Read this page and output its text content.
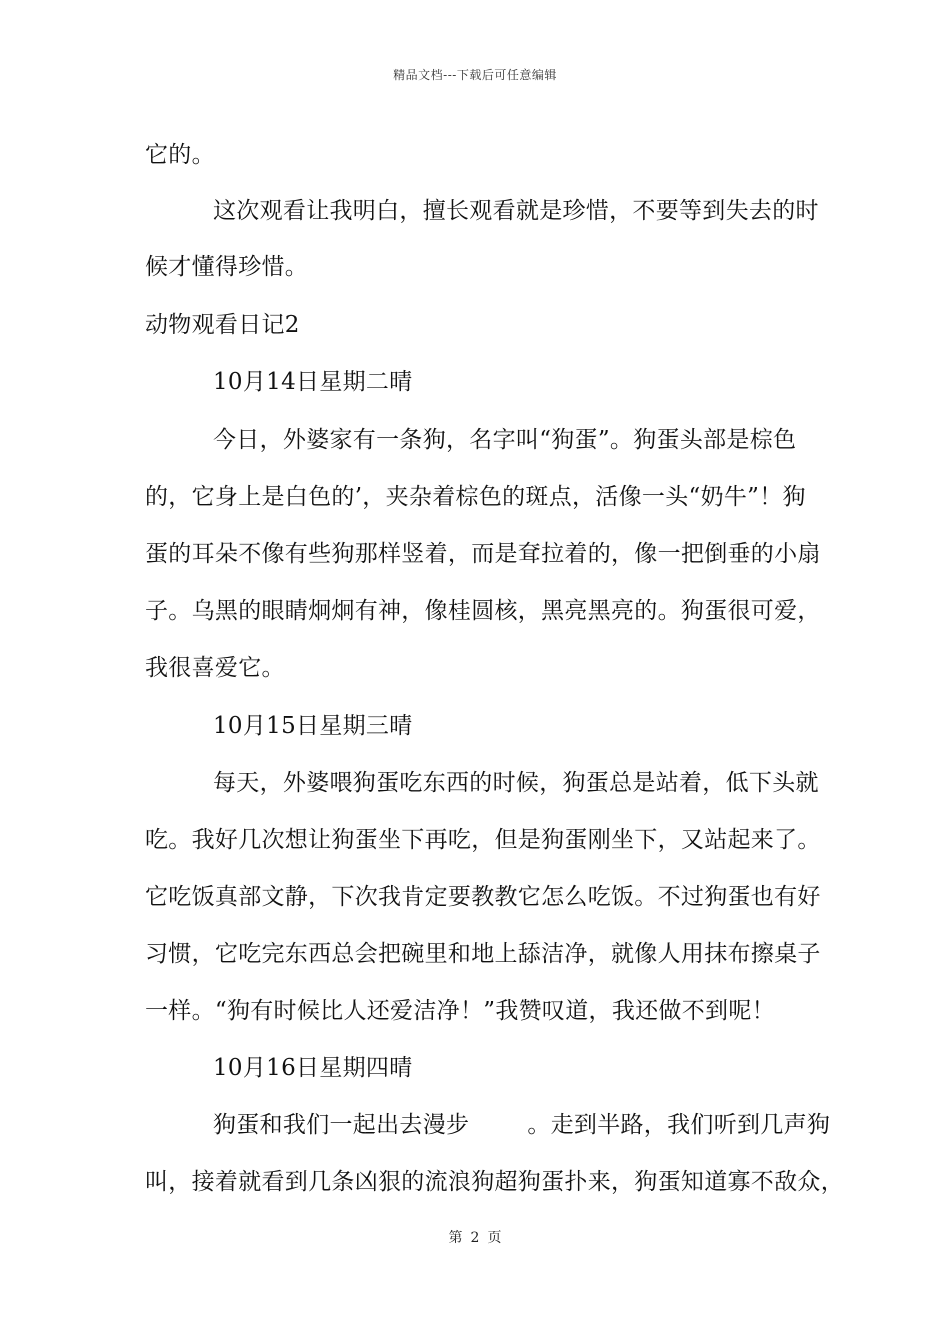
精品文档---下载后可任意编辑
它的。
这次观看让我明白，擅长观看就是珍惜，不要等到失去的时
候才懂得珍惜。
动物观看日记2
10月14日星期二晴
今日，外婆家有一条狗，名字叫“狗蛋”。狗蛋头部是棕色
的，它身上是白色的’，夹杂着棕色的斑点，活像一头“奶牛”！狗
蛋的耳朵不像有些狗那样竖着，而是耷拉着的，像一把倒垂的小扇
子。乌黑的眼睛炯炯有神，像桂圆核，黑亮黑亮的。狗蛋很可爱，
我很喜爱它。
10月15日星期三晴
每天，外婆喂狗蛋吃东西的时候，狗蛋总是站着，低下头就
吃。我好几次想让狗蛋坐下再吃，但是狗蛋刚坐下，又站起来了。
它吃饭真部文静，下次我肯定要教教它怎么吃饭。不过狗蛋也有好
习惯，它吃完东西总会把碗里和地上舔洁净，就像人用抹布擦桌子
一样。“狗有时候比人还爱洁净！”我赞叹道，我还做不到呢！
10月16日星期四晴
狗蛋和我们一起出去漫步	。走到半路，我们听到几声狗
叫，接着就看到几条凶狠的流浪狗超狗蛋扑来，狗蛋知道寡不敌众，
第 2 页
